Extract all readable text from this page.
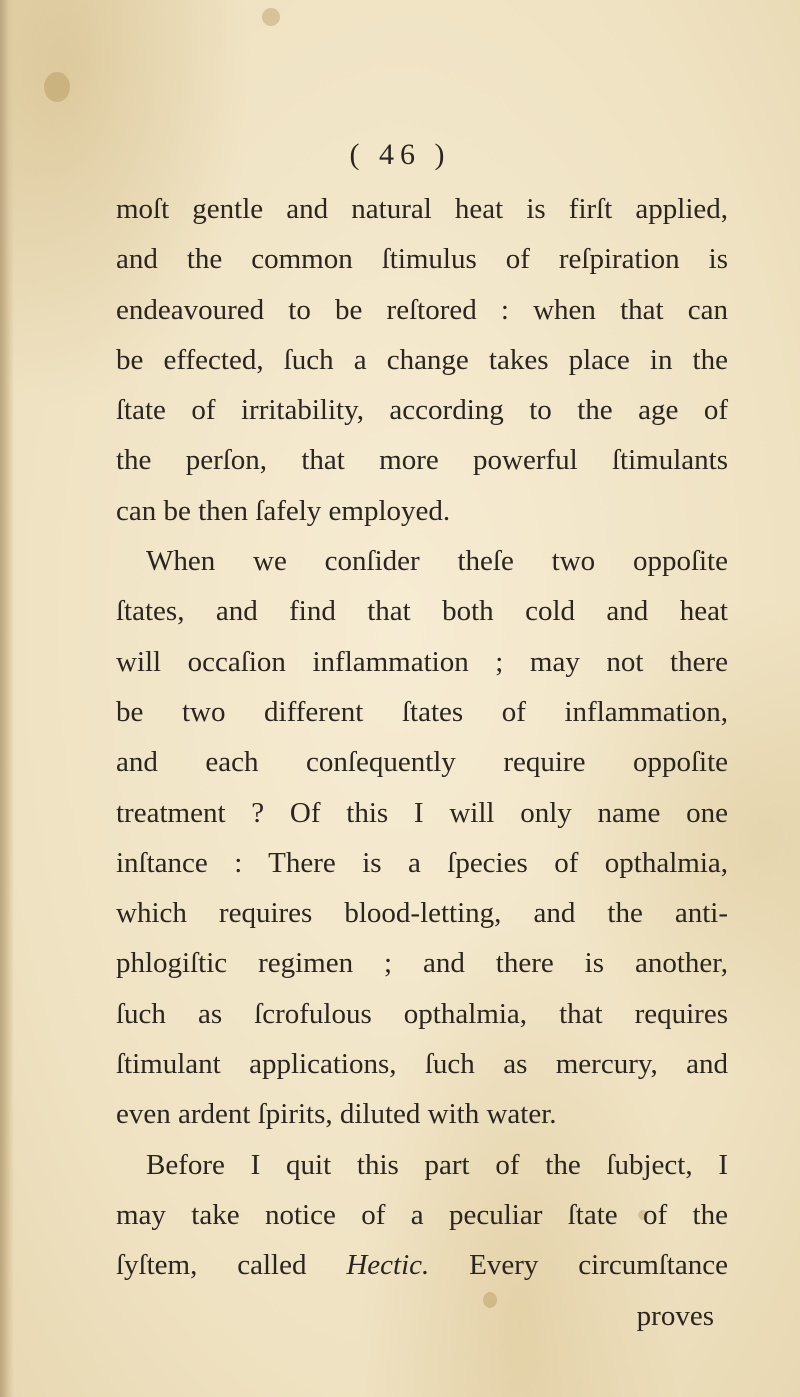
( 46 )
moſt gentle and natural heat is firſt applied,
and the common ſtimulus of reſpiration is
endeavoured to be reſtored : when that can
be effected, ſuch a change takes place in the
ſtate of irritability, according to the age of
the perſon, that more powerful ſtimulants
can be then ſafely employed.
When we conſider theſe two oppoſite
ſtates, and find that both cold and heat
will occaſion inflammation ; may not there
be two different ſtates of inflammation,
and each conſequently require oppoſite
treatment ? Of this I will only name one
inſtance : There is a ſpecies of opthalmia,
which requires blood-letting, and the anti-
phlogiſtic regimen ; and there is another,
ſuch as ſcrofulous opthalmia, that requires
ſtimulant applications, ſuch as mercury, and
even ardent ſpirits, diluted with water.
Before I quit this part of the ſubject, I
may take notice of a peculiar ſtate of the
ſyſtem, called Hectic. Every circumſtance
proves
